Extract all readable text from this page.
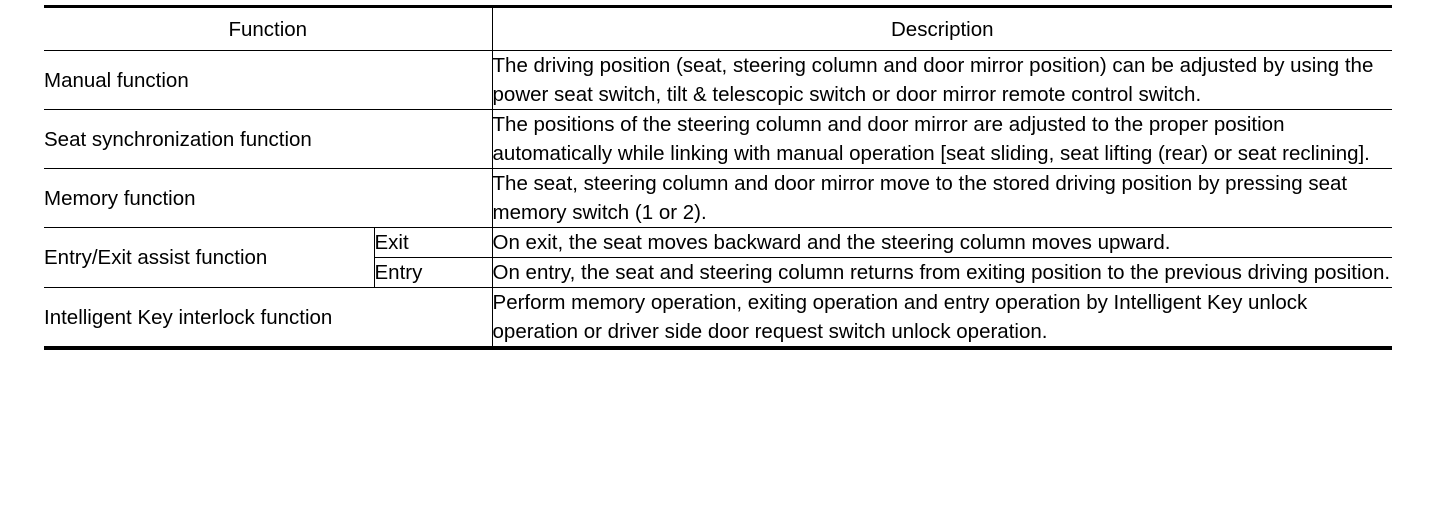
Function		Description
Manual function		The driving position (seat, steering column and door mirror position) can be adjusted by using the power seat switch, tilt & telescopic switch or door mirror remote control switch.
Seat synchronization function		The positions of the steering column and door mirror are adjusted to the proper position automatically while linking with manual operation [seat sliding, seat lifting (rear) or seat reclining].
Memory function		The seat, steering column and door mirror move to the stored driving position by pressing seat memory switch (1 or 2).
Entry/Exit assist function	Exit	On exit, the seat moves backward and the steering column moves upward.
	Entry	On entry, the seat and steering column returns from exiting position to the previous driving position.
Intelligent Key interlock function		Perform memory operation, exiting operation and entry operation by Intelligent Key unlock operation or driver side door request switch unlock operation.
